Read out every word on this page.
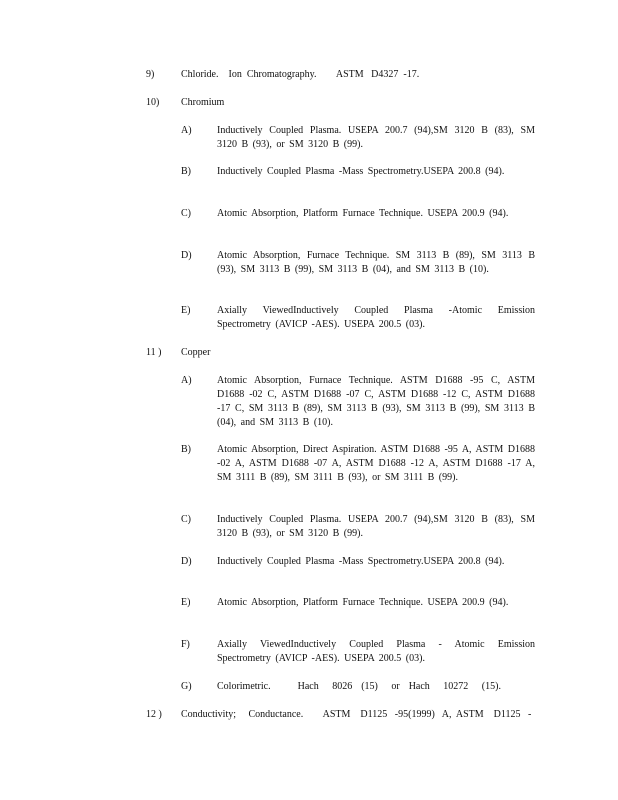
9)	Chloride.    Ion  Chromatography.        ASTM   D4327  -17.
10) Chromium
A)	Inductively Coupled Plasma. USEPA 200.7 (94),SM 3120 B (83), SM 3120 B (93), or SM 3120 B (99).
B)	Inductively Coupled Plasma -Mass Spectrometry.USEPA 200.8 (94).
C)	Atomic Absorption, Platform Furnace Technique. USEPA 200.9 (94).
D)	Atomic Absorption, Furnace Technique. SM 3113 B (89), SM 3113 B (93), SM 3113 B (99), SM 3113 B (04), and SM 3113 B (10).
E)	Axially ViewedInductively Coupled Plasma -Atomic Emission Spectrometry (AVICP -AES). USEPA 200.5 (03).
11 ) Copper
A)	Atomic Absorption, Furnace Technique. ASTM D1688 -95 C, ASTM D1688 -02 C, ASTM D1688 -07 C, ASTM D1688 -12 C, ASTM D1688 -17 C, SM 3113 B (89), SM 3113 B (93), SM 3113 B (99), SM 3113 B (04), and SM 3113 B (10).
B)	Atomic Absorption, Direct Aspiration. ASTM D1688 -95 A, ASTM D1688 -02 A, ASTM D1688 -07 A, ASTM D1688 -12 A, ASTM D1688 -17 A, SM 3111 B (89), SM 3111 B (93), or SM 3111 B (99).
C)	Inductively Coupled Plasma. USEPA 200.7 (94),SM 3120 B (83), SM 3120 B (93), or SM 3120 B (99).
D)	Inductively Coupled Plasma -Mass Spectrometry.USEPA 200.8 (94).
E)	Atomic Absorption, Platform Furnace Technique. USEPA 200.9 (94).
F)	Axially ViewedInductively Coupled Plasma - Atomic Emission Spectrometry (AVICP -AES). USEPA 200.5 (03).
G)	Colorimetric.      Hach   8026  (15)   or  Hach   10272   (15).
12 ) Conductivity;     Conductance.        ASTM    D1125   -95(1999)   A,  ASTM    D1125   -
